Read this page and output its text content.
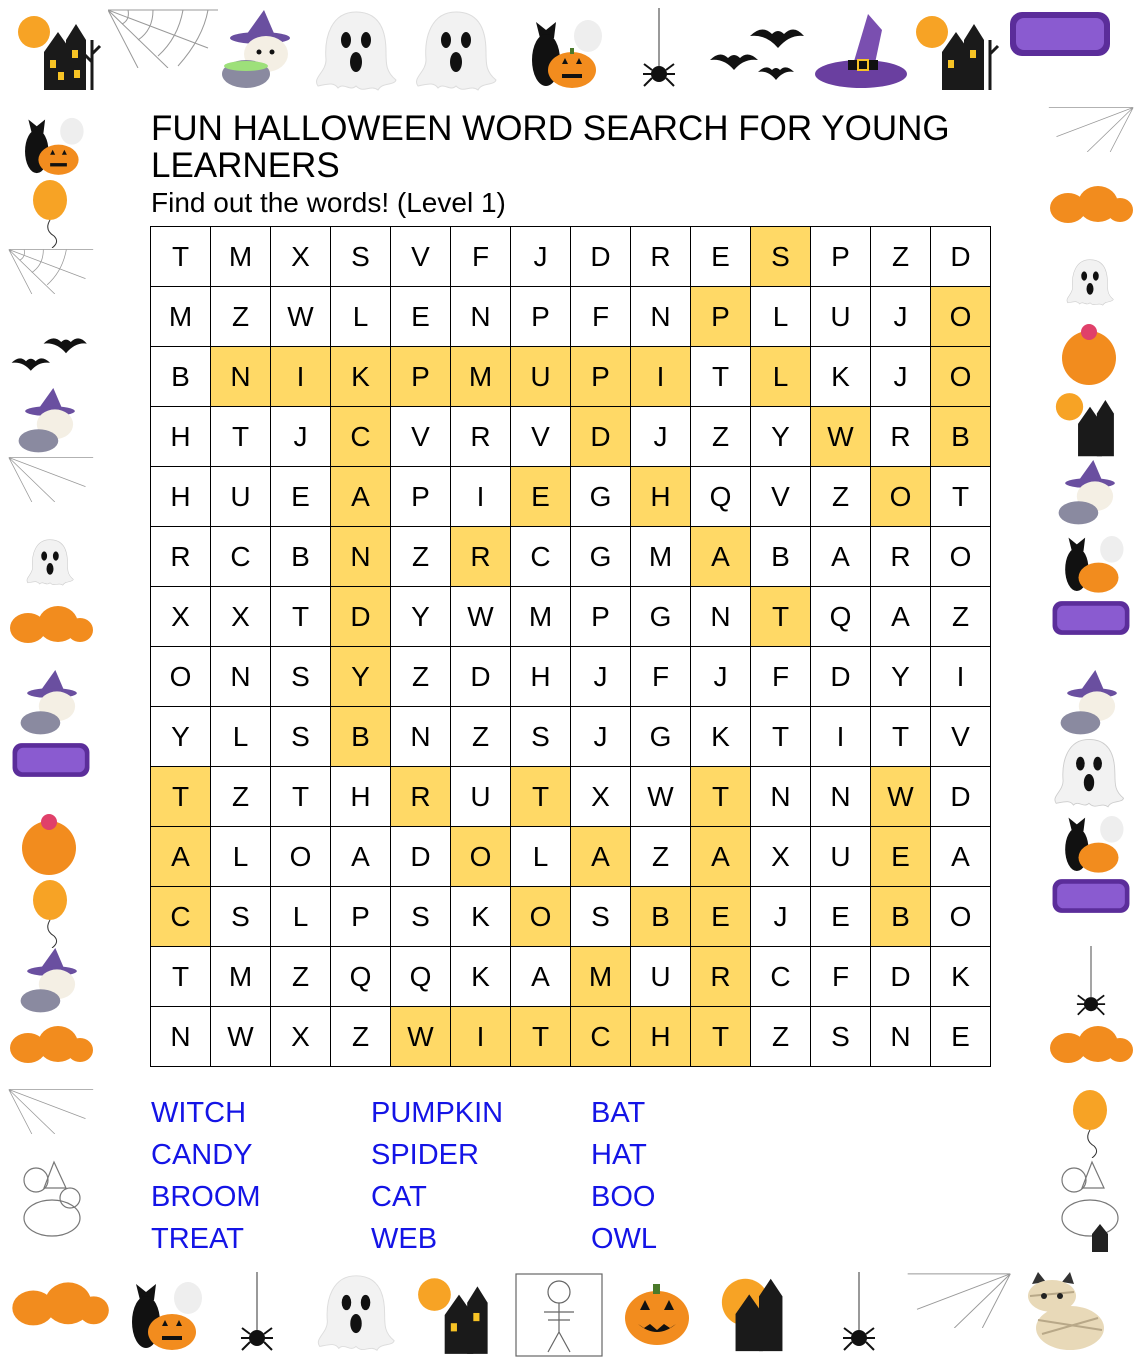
FUN HALLOWEEN WORD SEARCH FOR YOUNG LEARNERS
Find out the words! (Level 1)
T	M	X	S	V	F	J	D	R	E	S	P	Z	D
M	Z	W	L	E	N	P	F	N	P	L	U	J	O
B	N	I	K	P	M	U	P	I	T	L	K	J	O
H	T	J	C	V	R	V	D	J	Z	Y	W	R	B
H	U	E	A	P	I	E	G	H	Q	V	Z	O	T
R	C	B	N	Z	R	C	G	M	A	B	A	R	O
X	X	T	D	Y	W	M	P	G	N	T	Q	A	Z
O	N	S	Y	Z	D	H	J	F	J	F	D	Y	I
Y	L	S	B	N	Z	S	J	G	K	T	I	T	V
T	Z	T	H	R	U	T	X	W	T	N	N	W	D
A	L	O	A	D	O	L	A	Z	A	X	U	E	A
C	S	L	P	S	K	O	S	B	E	J	E	B	O
T	M	Z	Q	Q	K	A	M	U	R	C	F	D	K
N	W	X	Z	W	I	T	C	H	T	Z	S	N	E
WITCH
CANDY
BROOM
TREAT
PUMPKIN
SPIDER
CAT
WEB
BAT
HAT
BOO
OWL
